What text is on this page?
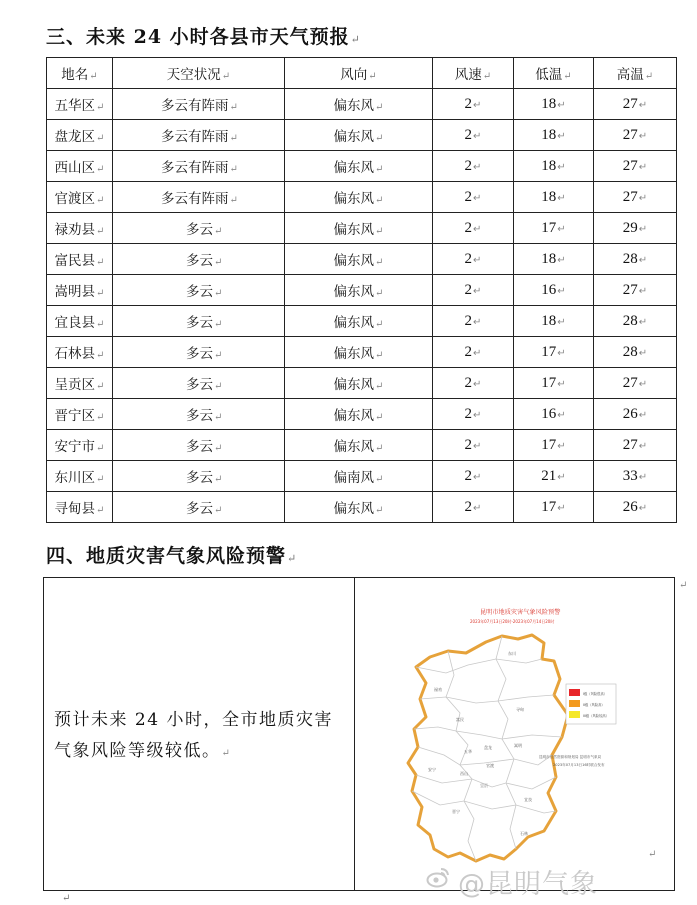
三、未来 24 小时各县市天气预报↵
地名↵	天空状况↵	风向↵	风速↵	低温↵	高温↵
五华区↵	多云有阵雨↵	偏东风↵	2↵	18↵	27↵
盘龙区↵	多云有阵雨↵	偏东风↵	2↵	18↵	27↵
西山区↵	多云有阵雨↵	偏东风↵	2↵	18↵	27↵
官渡区↵	多云有阵雨↵	偏东风↵	2↵	18↵	27↵
禄劝县↵	多云↵	偏东风↵	2↵	17↵	29↵
富民县↵	多云↵	偏东风↵	2↵	18↵	28↵
嵩明县↵	多云↵	偏东风↵	2↵	16↵	27↵
宜良县↵	多云↵	偏东风↵	2↵	18↵	28↵
石林县↵	多云↵	偏东风↵	2↵	17↵	28↵
呈贡区↵	多云↵	偏东风↵	2↵	17↵	27↵
晋宁区↵	多云↵	偏东风↵	2↵	16↵	26↵
安宁市↵	多云↵	偏东风↵	2↵	17↵	27↵
东川区↵	多云↵	偏南风↵	2↵	21↵	33↵
寻甸县↵	多云↵	偏东风↵	2↵	17↵	26↵
四、地质灾害气象风险预警↵
预计未来 24 小时，全市地质灾害气象风险等级较低。↵
昆明市地质灾害气象风险预警
2023年07月13日20时-2023年07月14日20时
禄劝
东川
寻甸
富民
嵩明
五华
盘龙
官渡
西山
安宁
呈贡
宜良
晋宁
石林
I级（风险很高）
II级（风险高）
III级（风险较高）
昆明市自然资源和规划局 昆明市气象局
2023年07月13日16时联合发布
↵
↵
@昆明气象
↵
